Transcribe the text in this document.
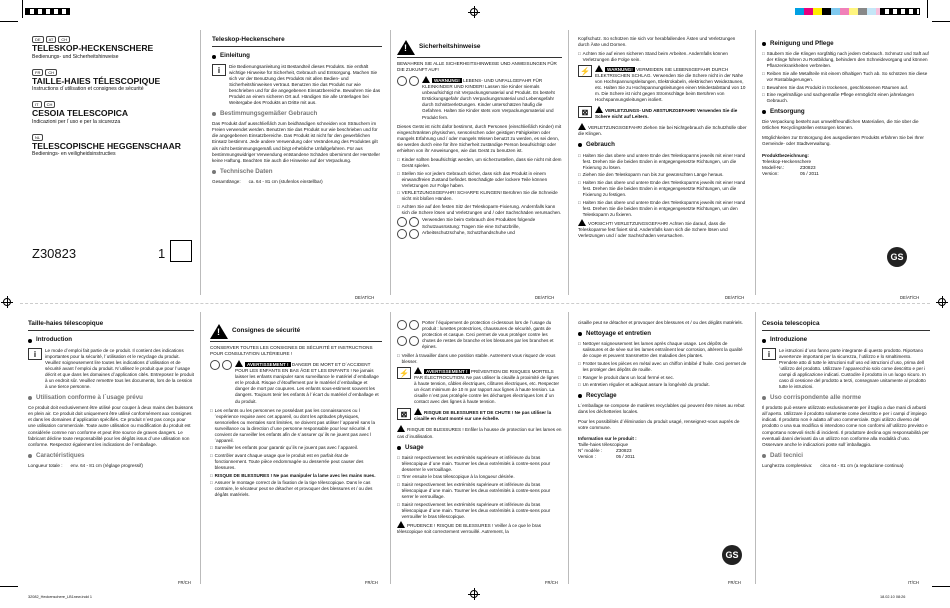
DE	AT	CH
TELESKOP-HECKENSCHERE
Bedienungs- und Sicherheitshinweise
FR	CH
TAILLE-HAIES TÉLESCOPIQUE
Instructions d´utilisation et consignes de sécurité
IT	CH
CESOIA TELESCOPICA
Indicazioni per l´uso e per la sicurezza
NL
TELESCOPISCHE HEGGENSCHAAR
Bedienings- en veiligheidsinstructies
Z30823	1
Teleskop-Heckenschere
Einleitung
i	Die Bedienungsanleitung ist Bestandteil dieses Produkts. Sie enthält wichtige Hinweise für Sicherheit, Gebrauch und Entsorgung. Machen Sie sich vor der Benutzung des Produkts mit allen Bedien- und Sicherheitshinweisen vertraut. Benutzen Sie das Produkt nur wie beschrieben und für die angegebenen Einsatzbereiche. Bewahren Sie das Produkt an einem sicheren Ort auf. Händigen Sie alle Unterlagen bei Weitergabe des Produkts an Dritte mit aus.
Bestimmungsgemäßer Gebrauch
Das Produkt darf ausschließlich zum beidhändigen schneiden von Sträuchern im Freien verwendet werden. Benutzen Sie das Produkt nur wie beschrieben und für die angegebenen Einsatzbereiche. Das Produkt ist nicht für den gewerblichen Einsatz bestimmt. Jede andere Verwendung oder Veränderung des Produktes gilt als nicht bestimmungsgemäß und birgt erhebliche Unfallgefahren. Für aus bestimmungswidriger Verwendung entstandene Schäden übernimmt der Hersteller keine Haftung. Beachten Sie auch die Hinweise auf der Verpackung.
Technische Daten
Gesamtlänge: ca. 64 - 81 cm (stufenlos einstellbar)
!
Sicherheitshinweise
BEWAHREN SIE ALLE SICHERHEITSHINWEISE UND ANWEISUNGEN FÜR DIE ZUKUNFT AUF!
WARNUNG! LEBENS- UND UNFALLGEFAHR FÜR KLEINKINDER UND KINDER! Lassen Sie Kinder niemals unbeaufsichtigt mit Verpackungsmaterial und Produkt. Es besteht Erstickungsgefahr durch Verpackungsmaterial und Lebensgefahr durch Schnittverletzungen. Kinder unterschätzen häufig die Gefahren. Halten Sie Kinder stets vom Verpackungsmaterial und Produkt fern.
Dieses Gerät ist nicht dafür bestimmt, durch Personen (einschließlich Kinder) mit eingeschränkten physischen, sensorischen oder geistigen Fähigkeiten oder mangels Erfahrung und / oder mangels Wissen benutzt zu werden, es sei denn, sie werden durch eine für ihre Sicherheit zuständige Person beaufsichtigt oder erhielten von ihr Anweisungen, wie das Gerät zu benutzen ist.
□ Kinder sollten beaufsichtigt werden, um sicherzustellen, dass sie nicht mit dem Gerät spielen.
□ Stellen Sie vor jedem Gebrauch sicher, dass sich das Produkt in einem einwandfreien Zustand befindet. Beschädigte oder lockere Teile können Verletzungen zur Folge haben.
□ VERLETZUNGSGEFAHR! SCHARFE KLINGEN! Berühren Sie die Schneide nicht mit bloßen Händen.
□ Achten Sie auf den festen Sitz der Teleskoparm-Fixierung. Andernfalls kann sich die Schere lösen und Verletzungen und / oder Sachschäden verursachen.
Verwenden Sie beim Gebrauch des Produktes folgende Schutzausrüstung: Tragen Sie eine Schutzbrille, Arbeitsschutzschuhe, Schutzhandschuhe und
Kopfschutz. So schützen Sie sich vor herabfallenden Ästen und Verletzungen durch Äste und Dornen.
□ Achten Sie auf einen sicheren Stand beim Arbeiten. Andernfalls können Verletzungen die Folge sein.
⚡	WARNUNG! VERMEIDEN SIE LEBENSGEFAHR DURCH ELEKTRISCHEN SCHLAG. Verwenden Sie die Schere nicht in der Nähe von Hochspannungsleitungen, Elektrokabeln, elektrischen Weidezäunen, etc. Halten Sie zu Hochspannungsleitungen einen Mindestabstand von 10 m. Die Schere ist nicht gegen Stromschläge beim Berühren von Hochspannungsleitungen isoliert.
⊠	VERLETZUNGS- UND ABSTURZGEFAHR! Verwenden Sie die Schere nicht auf Leitern.
VERLETZUNGSGEFAHR! Ziehen Sie bei Nichtgebrauch die Schutzhülle über die Klingen.
Gebrauch
□ Halten Sie das obere und untere Ende des Teleskoparms jeweils mit einer Hand fest. Drehen Sie die beiden Enden in entgegengesetzte Richtungen, um die Fixierung zu lösen.
□ Ziehen Sie den Teleskoparm nun bis zur gewünschten Länge heraus.
□ Halten Sie das obere und untere Ende des Teleskoparms jeweils mit einer Hand fest. Drehen Sie die beiden Enden in entgegengesetzte Richtungen, um die Fixierung zu festigen.
□ Halten Sie das obere und untere Ende des Teleskoparms jeweils mit einer Hand fest. Drehen Sie die beiden Enden in entgegengesetzte Richtungen, um den Teleskoparm zu fixieren.
VORSICHT! VERLETZUNGSGEFAHR! Achten Sie darauf, dass die Teleskoparme fest fixiert sind. Andernfalls kann sich die Schere lösen und Verletzungen und / oder Sachschäden verursachen.
Reinigung und Pflege
□ Säubern Sie die Klingen sorgfältig nach jedem Gebrauch. Schmutz und Saft auf der Klinge führen zu Rostbildung, behindern den Schneidevorgang und können Pflanzenkrankheiten verbreiten.
□ Reiben Sie alle Metallteile mit einem ölhaltigen Tuch ab. So schützen Sie diese vor Rostablagerungen.
□ Bewahren Sie das Produkt in trockenen, geschlossenen Räumen auf.
□ Eine regelmäßige und sachgemäße Pflege ermöglicht einen jahrelangen Gebrauch.
Entsorgung
Die Verpackung besteht aus umweltfreundlichen Materialien, die Sie über die örtlichen Recyclingstellen entsorgen können.
Möglichkeiten zur Entsorgung des ausgedienten Produkts erfahren Sie bei Ihrer Gemeinde- oder Stadtverwaltung.
Produktbezeichnung:
Teleskop-Heckenschere
Modell-Nr.:	Z30823
Version:	05 / 2011
GS
DE/AT/CH	DE/AT/CH	DE/AT/CH	DE/AT/CH
Taille-haies télescopique
Introduction
i	Le mode d´emploi fait partie de ce produit. Il contient des indications importantes pour la sécurité, l´utilisation et le recyclage du produit. Veuillez soigneusement lire toutes les indications d´utilisation et de sécurité avant l´emploi du produit. N´utilisez le produit que pour l´usage décrit et que dans les domaines d´application cités. Entreposez le produit à un endroit sûr. Veuillez remettre tous les documents, lors de la cession à une tierce personne.
Utilisation conforme à l´usage prévu
Ce produit doit exclusivement être utilisé pour couper à deux mains des buissons en plein air. Ce produit doit uniquement être utilisé conformément aux consignes et dans les domaines d´application spécifiés. Ce produit n´est pas conçu pour une utilisation commerciale. Toute autre utilisation ou modification du produit est considérée comme non conforme et peut être source de graves dangers. Le fabricant décline toute responsabilité pour les dégâts issus d´une utilisation non conforme. Respectez également les indications de l´emballage.
Caractéristiques
Longueur totale : env. 64 - 81 cm (réglage progressif)
!
Consignes de sécurité
CONSERVER TOUTES LES CONSIGNES DE SÉCURITÉ ET INSTRUCTIONS POUR CONSULTATION ULTÉRIEURE !
AVERTISSEMENT ! DANGER DE MORT ET D´ACCIDENT POUR LES ENFANTS EN BAS ÂGE ET LES ENFANTS ! Ne jamais laisser les enfants manipuler sans surveillance le matériel d´emballage et le produit. Risque d´étouffement par le matériel d´emballage et danger de mort par coupures. Les enfants sous-estiment souvent les dangers. Toujours tenir les enfants à l´écart du matériel d´emballage et du produit.
□ Les enfants ou les personnes ne possédant pas les connaissances ou l´expérience requise avec cet appareil, ou dont les aptitudes physiques, sensorielles ou mentales sont limitées, ne doivent pas utiliser l´appareil sans la surveillance ou la direction d´une personne responsable pour leur sécurité. Il convient de surveiller les enfants afin de s´assurer qu´ils ne jouent pas avec l´appareil.
□ Surveiller les enfants pour garantir qu´ils ne jouent pas avec l´appareil.
□ Contrôler avant chaque usage que le produit est en parfait état de fonctionnement. Toute pièce endommagée ou desserrée peut causer des blessures.
□ RISQUE DE BLESSURES ! Ne pas manipuler la lame avec les mains nues.
□ Assurer le montage correct de la fixation de la tige télescopique. Dans le cas contraire, le sécateur peut se détacher et provoquer des blessures et / ou des dégâts matériels.
Porter l´équipement de protection ci-dessous lors de l´usage du produit : lunettes protectrices, chaussures de sécurité, gants de protection et casque. Ceci permet de vous protéger contre les chutes de restes de branche et les blessures par les branches et épines.
□ Veiller à travailler dans une position stable. Autrement vous risquez de vous blesser.
⚡	AVERTISSEMENT ! PRÉVENTION DE RISQUES MORTELS PAR ÉLECTROCUTION. Ne pas utiliser la cisaille à proximité de lignes à haute tension, câbles électriques, clôtures électriques, etc. Respecter un écart minimum de 10 m par rapport aux lignes à haute tension. La cisaille n´est pas protégée contre les décharges électriques lors d´un contact avec des lignes à haute tension.
⊠	RISQUE DE BLESSURES ET DE CHUTE ! Ne pas utiliser la cisaille en étant monté sur une échelle.
RISQUE DE BLESSURES ! Enfiler la housse de protection sur les lames en cas d´inutilisation.
Usage
□ Saisir respectivement les extrémités supérieure et inférieure du bras télescopique d´une main. Tourner les deux extrémités à contre-sens pour desserrer le verrouillage.
□ Tirer ensuite le bras télescopique à la longueur désirée.
□ Saisir respectivement les extrémités supérieure et inférieure du bras télescopique d´une main. Tourner les deux extrémités à contre-sens pour serrer le verrouillage.
□ Saisir respectivement les extrémités supérieure et inférieure du bras télescopique d´une main. Tourner les deux extrémités à contre-sens pour verrouiller le bras télescopique.
PRUDENCE ! RISQUE DE BLESSURES ! Veiller à ce que le bras télescopique soit correctement verrouillé. Autrement, la
cisaille peut se détacher et provoquer des blessures et / ou des dégâts matériels.
Nettoyage et entretien
□ Nettoyer soigneusement les lames après chaque usage. Les dépôts de salissures et de sève sur les lames entraînent leur corrosion, altèrent la qualité de coupe et peuvent transmettre des maladies des plantes.
□ Frotter toutes les pièces en métal avec un chiffon imbibé d´huile. Ceci permet de les protéger des dépôts de rouille.
□ Ranger le produit dans un local fermé et sec.
□ Un entretien régulier et adéquat assure la longévité du produit.
Recyclage
L´emballage se compose de matières recyclables qui peuvent être mises au rebut dans les déchetteries locales.
Pour les possibilités d´élimination du produit usagé, renseignez-vous auprès de votre commune.
Information sur le produit :
Taille-haies télescopique
N° modèle :	Z30823
Version :	05 / 2011
GS
Cesoia telescopica
Introduzione
i	Le istruzioni d´uso fanno parte integrante di questo prodotto. Riportano avvertenze importanti per la sicurezza, l´utilizzo e lo smaltimento. Prendete atto di tutte le istruzioni sull´uso ed istruzioni d´uso, prima dell´utilizzo del prodotto. Utilizzare l´apparecchio solo come descritto e per i campi di applicazione indicati. Custodire il prodotto in un luogo sicuro. In caso di cessione del prodotto a terzi, consegnare unitamente al prodotto tutte le istruzioni.
Uso corrispondente alle norme
Il prodotto può essere utilizzato esclusivamente per il taglio a due mani di arbusti all´aperto. Utilizzare il prodotto solamente come descritto e per i campi d´impiego indicati. Il prodotto non è adatto all´uso commerciale. Ogni utilizzo diverso del prodotto o una sua modifica si intendono come non conformi all´utilizzo previsto e comportano notevoli rischi di incidenti. Il produttore declina ogni responsabilità per eventuali danni derivanti da un utilizzo non conforme alla modalità d´uso. Osservare anche le indicazioni poste sull´imballaggio.
Dati tecnici
Lunghezza complessiva: circa 64 - 81 cm (a regolazione continua)
FR/CH	FR/CH	FR/CH	FR/CH	IT/CH
32082_Heckenschere_LB1new.indd 1	18.02.10 08:26
